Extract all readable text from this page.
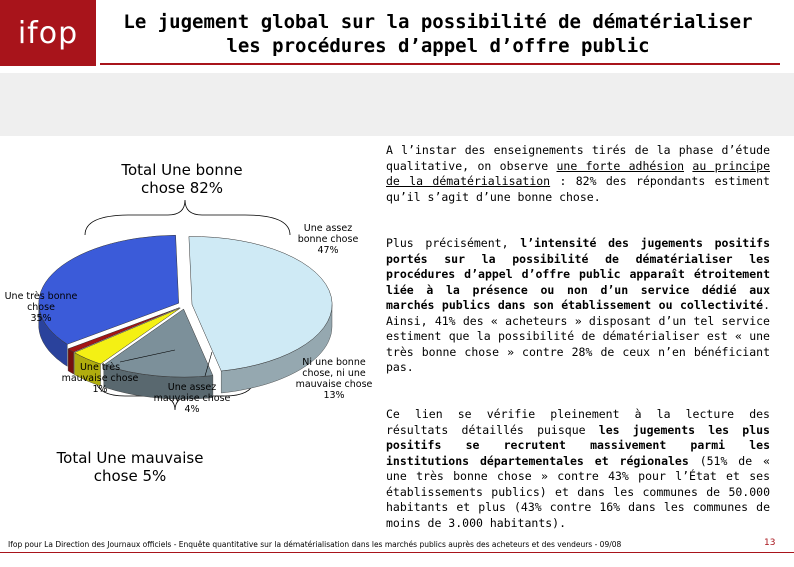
ifop	Le jugement global sur la possibilité de dématérialiser
les procédures d’appel d’offre public
Total Une bonne
chose 82%
Total Une mauvaise
chose 5%
Une assez
bonne chose
47%
Une très bonne
chose
35%
Ni une bonne
chose, ni une
mauvaise chose
13%
Une très
mauvaise chose
1%	Une assez
mauvaise chose
4%
A l’instar des enseignements tirés de la phase d’étude qualitative, on observe une forte adhésion au principe de la dématérialisation : 82% des répondants estiment qu’il s’agit d’une bonne chose.
Plus précisément, l’intensité des jugements positifs portés sur la possibilité de dématérialiser les procédures d’appel d’offre public apparaît étroitement liée à la présence ou non d’un service dédié aux marchés publics dans son établissement ou collectivité. Ainsi, 41% des « acheteurs » disposant d’un tel service estiment que la possibilité de dématérialiser est « une très bonne chose » contre 28% de ceux n’en bénéficiant pas.
Ce lien se vérifie pleinement à la lecture des résultats détaillés puisque les jugements les plus positifs se recrutent massivement parmi les institutions départementales et régionales (51% de « une très bonne chose » contre 43% pour l’État et ses établissements publics) et dans les communes de 50.000 habitants et plus (43% contre 16% dans les communes de moins de 3.000 habitants).
Ifop pour La Direction des Journaux officiels - Enquête quantitative sur la dématérialisation dans les marchés publics auprès des acheteurs et des vendeurs - 09/08	13
